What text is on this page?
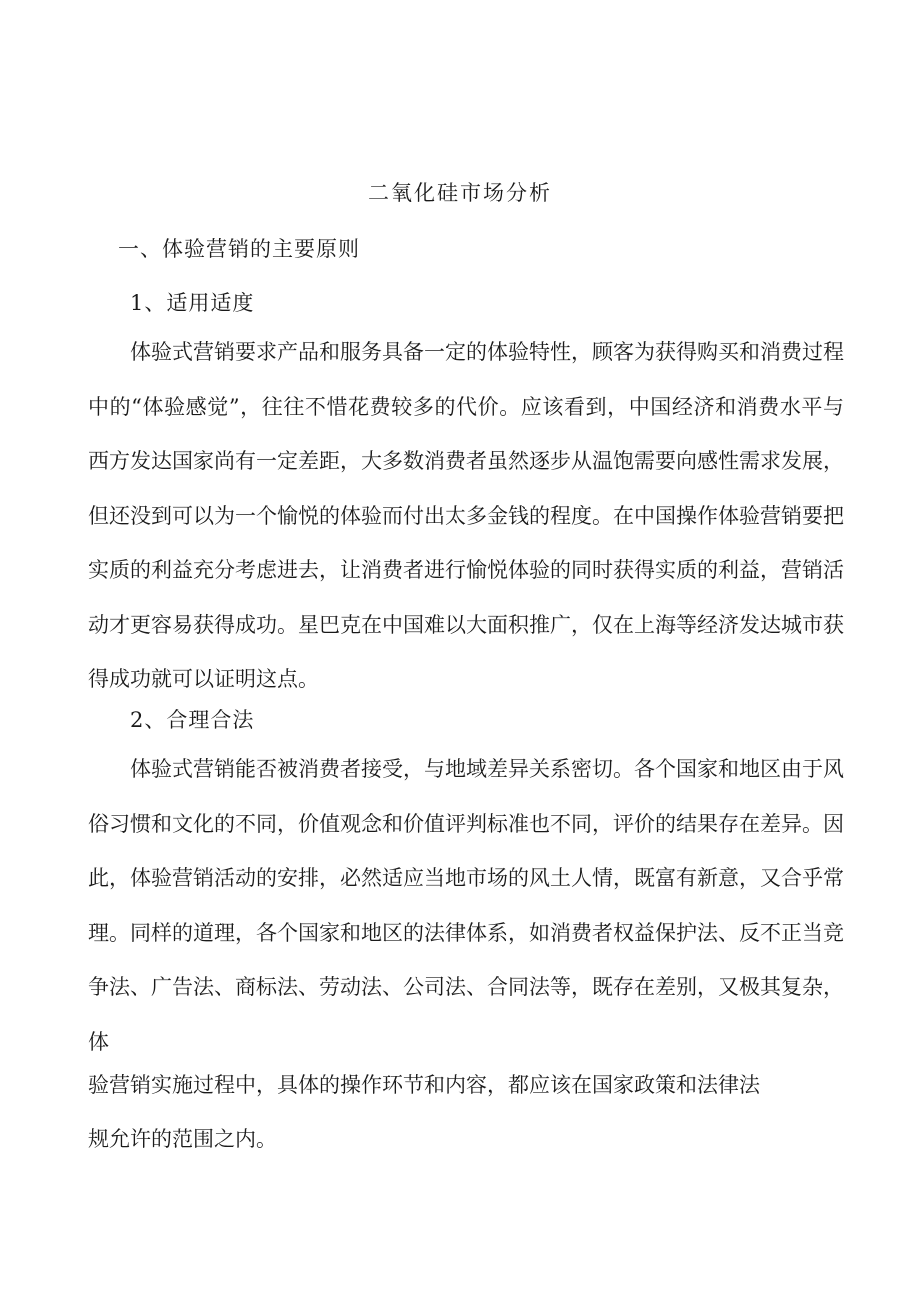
二氧化硅市场分析
一、体验营销的主要原则
1、适用适度
体验式营销要求产品和服务具备一定的体验特性，顾客为获得购买和消费过程中的“体验感觉”，往往不惜花费较多的代价。应该看到，中国经济和消费水平与西方发达国家尚有一定差距，大多数消费者虽然逐步从温饱需要向感性需求发展，但还没到可以为一个愉悦的体验而付出太多金钱的程度。在中国操作体验营销要把实质的利益充分考虑进去，让消费者进行愉悦体验的同时获得实质的利益，营销活动才更容易获得成功。星巴克在中国难以大面积推广，仅在上海等经济发达城市获得成功就可以证明这点。
2、合理合法
体验式营销能否被消费者接受，与地域差异关系密切。各个国家和地区由于风俗习惯和文化的不同，价值观念和价值评判标准也不同，评价的结果存在差异。因此，体验营销活动的安排，必然适应当地市场的风土人情，既富有新意，又合乎常理。同样的道理，各个国家和地区的法律体系，如消费者权益保护法、反不正当竞争法、广告法、商标法、劳动法、公司法、合同法等，既存在差别，又极其复杂，体
验营销实施过程中，具体的操作环节和内容，都应该在国家政策和法律法
规允许的范围之内。
